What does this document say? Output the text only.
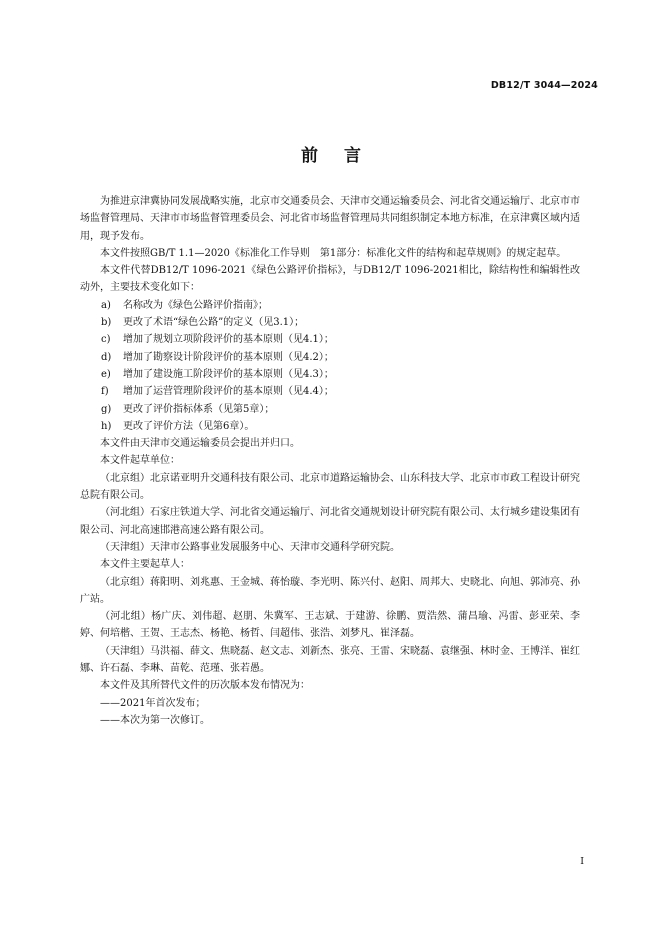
DB12/T 3044—2024
前言

为推进京津冀协同发展战略实施，北京市交通委员会、天津市交通运输委员会、河北省交通运输厅、北京市市场监督管理局、天津市市场监督管理委员会、河北省市场监督管理局共同组织制定本地方标准，在京津冀区域内适用，现予发布。

本文件按照GB/T 1.1—2020《标准化工作导则　第1部分：标准化文件的结构和起草规则》的规定起草。

本文件代替DB12/T 1096-2021《绿色公路评价指标》，与DB12/T 1096-2021相比，除结构性和编辑性改动外，主要技术变化如下：

a)	名称改为《绿色公路评价指南》；
b)	更改了术语“绿色公路”的定义（见3.1）；
c)	增加了规划立项阶段评价的基本原则（见4.1）；
d)	增加了勘察设计阶段评价的基本原则（见4.2）；
e)	增加了建设施工阶段评价的基本原则（见4.3）；
f)	增加了运营管理阶段评价的基本原则（见4.4）；
g)	更改了评价指标体系（见第5章）；
h)	更改了评价方法（见第6章）。

本文件由天津市交通运输委员会提出并归口。

本文件起草单位：

（北京组）北京诺亚明升交通科技有限公司、北京市道路运输协会、山东科技大学、北京市市政工程设计研究总院有限公司。

（河北组）石家庄铁道大学、河北省交通运输厅、河北省交通规划设计研究院有限公司、太行城乡建设集团有限公司、河北高速邯港高速公路有限公司。

（天津组）天津市公路事业发展服务中心、天津市交通科学研究院。

本文件主要起草人：

（北京组）蒋阳明、刘兆惠、王金城、蒋怡璇、李光明、陈兴付、赵阳、周邦大、史晓北、向旭、郭沛亮、孙广站。

（河北组）杨广庆、刘伟超、赵朋、朱冀军、王志斌、于建游、徐鹏、贾浩然、蒲昌瑜、冯雷、彭亚荣、李婷、何培楷、王贺、王志杰、杨艳、杨哲、闫超伟、张浩、刘梦凡、崔泽磊。

（天津组）马洪福、薛文、焦晓磊、赵文志、刘新杰、张亮、王雷、宋晓磊、袁继强、林时金、王博洋、崔红娜、许石磊、李琳、苗乾、范瑾、张若愚。

本文件及其所替代文件的历次版本发布情况为：

——2021年首次发布；

——本次为第一次修订。

I
